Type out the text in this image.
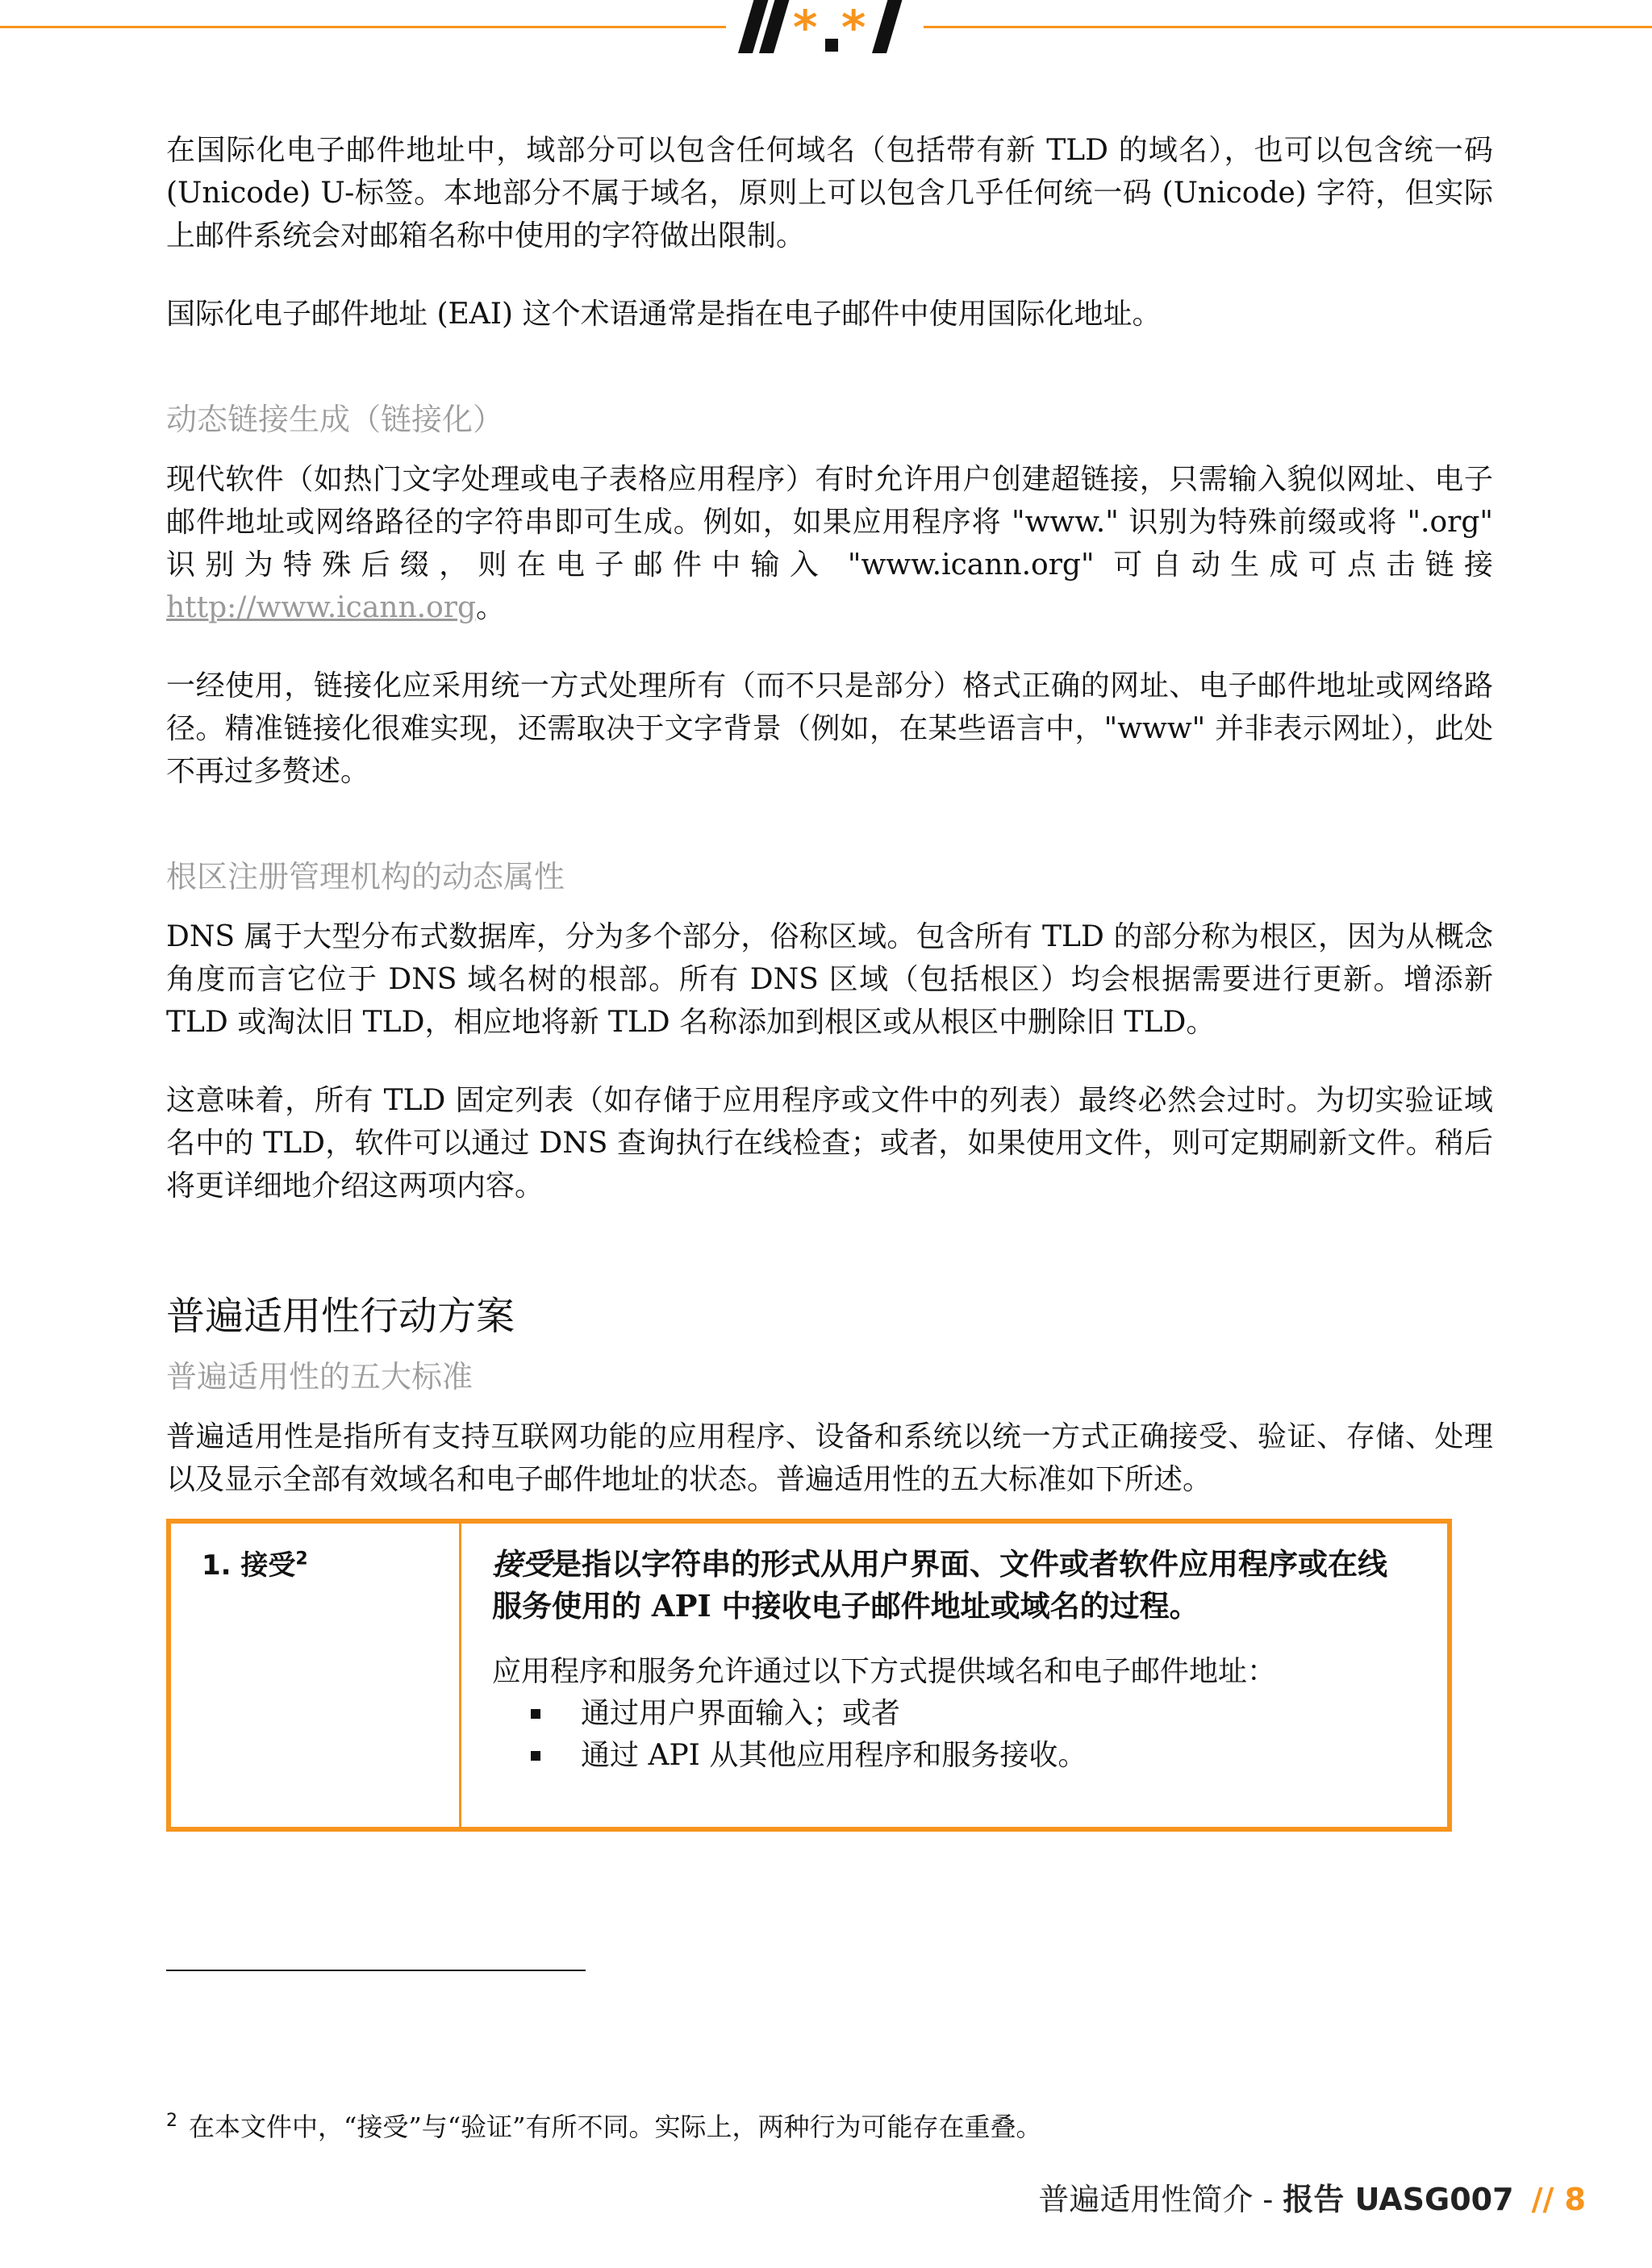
* *

在国际化电子邮件地址中，域部分可以包含任何域名（包括带有新 TLD 的域名），也可以包含统一码 (Unicode) U-标签。本地部分不属于域名，原则上可以包含几乎任何统一码 (Unicode) 字符，但实际上邮件系统会对邮箱名称中使用的字符做出限制。

国际化电子邮件地址 (EAI) 这个术语通常是指在电子邮件中使用国际化地址。

动态链接生成（链接化）

现代软件（如热门文字处理或电子表格应用程序）有时允许用户创建超链接，只需输入貌似网址、电子邮件地址或网络路径的字符串即可生成。例如，如果应用程序将 "www." 识别为特殊前缀或将 ".org" 识别为特殊后缀，则在电子邮件中输入 "www.icann.org" 可自动生成可点击链接 http://www.icann.org。

一经使用，链接化应采用统一方式处理所有（而不只是部分）格式正确的网址、电子邮件地址或网络路径。精准链接化很难实现，还需取决于文字背景（例如，在某些语言中，"www" 并非表示网址），此处不再过多赘述。

根区注册管理机构的动态属性

DNS 属于大型分布式数据库，分为多个部分，俗称区域。包含所有 TLD 的部分称为根区，因为从概念角度而言它位于 DNS 域名树的根部。所有 DNS 区域（包括根区）均会根据需要进行更新。增添新 TLD 或淘汰旧 TLD，相应地将新 TLD 名称添加到根区或从根区中删除旧 TLD。

这意味着，所有 TLD 固定列表（如存储于应用程序或文件中的列表）最终必然会过时。为切实验证域名中的 TLD，软件可以通过 DNS 查询执行在线检查；或者，如果使用文件，则可定期刷新文件。稍后将更详细地介绍这两项内容。

普遍适用性行动方案
普遍适用性的五大标准

普遍适用性是指所有支持互联网功能的应用程序、设备和系统以统一方式正确接受、验证、存储、处理以及显示全部有效域名和电子邮件地址的状态。普遍适用性的五大标准如下所述。

1. 接受$^2$	接受是指以字符串的形式从用户界面、文件或者软件应用程序或在线服务使用的 API 中接收电子邮件地址或域名的过程。
应用程序和服务允许通过以下方式提供域名和电子邮件地址：
通过用户界面输入；或者
通过 API 从其他应用程序和服务接收。
$^2$ 在本文件中，“接受”与“验证”有所不同。实际上，两种行为可能存在重叠。
普遍适用性简介 - 报告 UASG007 // 8
